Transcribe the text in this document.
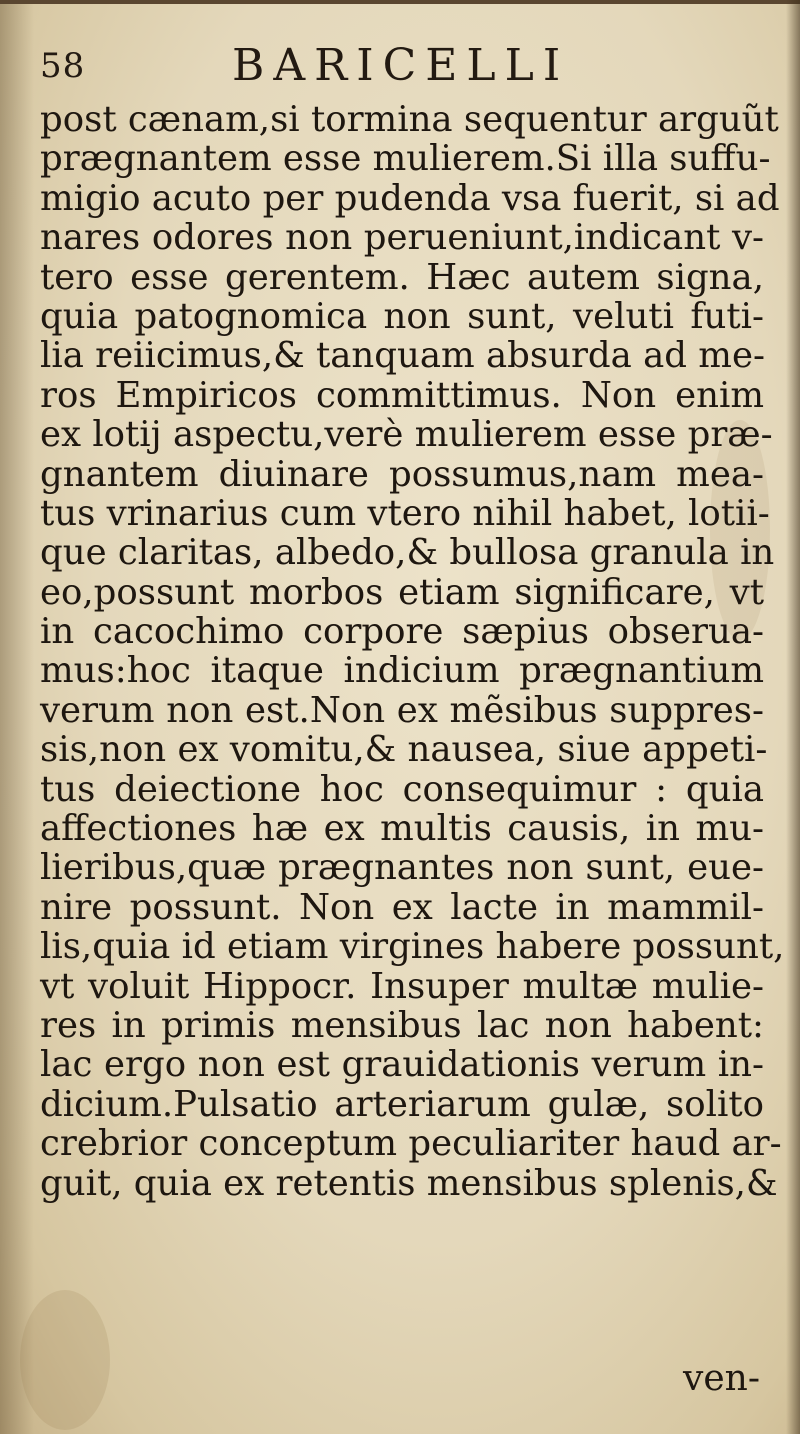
58	BARICELLI
post cænam,si tormina sequentur arguũt
prægnantem esse mulierem.Si illa suffu-
migio acuto per pudenda vsa fuerit, si ad
nares odores non perueniunt,indicant v-
tero esse gerentem. Hæc autem signa,
quia patognomica non sunt, veluti futi-
lia reiicimus,& tanquam absurda ad me-
ros Empiricos committimus. Non enim
ex lotij aspectu,verè mulierem esse præ-
gnantem diuinare possumus,nam mea-
tus vrinarius cum vtero nihil habet, lotii-
que claritas, albedo,& bullosa granula in
eo,possunt morbos etiam significare, vt
in cacochimo corpore sæpius obserua-
mus:hoc itaque indicium prægnantium
verum non est.Non ex mẽsibus suppres-
sis,non ex vomitu,& nausea, siue appeti-
tus deiectione hoc consequimur : quia
affectiones hæ ex multis causis, in mu-
lieribus,quæ prægnantes non sunt, eue-
nire possunt. Non ex lacte in mammil-
lis,quia id etiam virgines habere possunt,
vt voluit Hippocr. Insuper multæ mulie-
res in primis mensibus lac non habent:
lac ergo non est grauidationis verum in-
dicium.Pulsatio arteriarum gulæ, solito
crebrior conceptum peculiariter haud ar-
guit, quia ex retentis mensibus splenis,&
ven-
